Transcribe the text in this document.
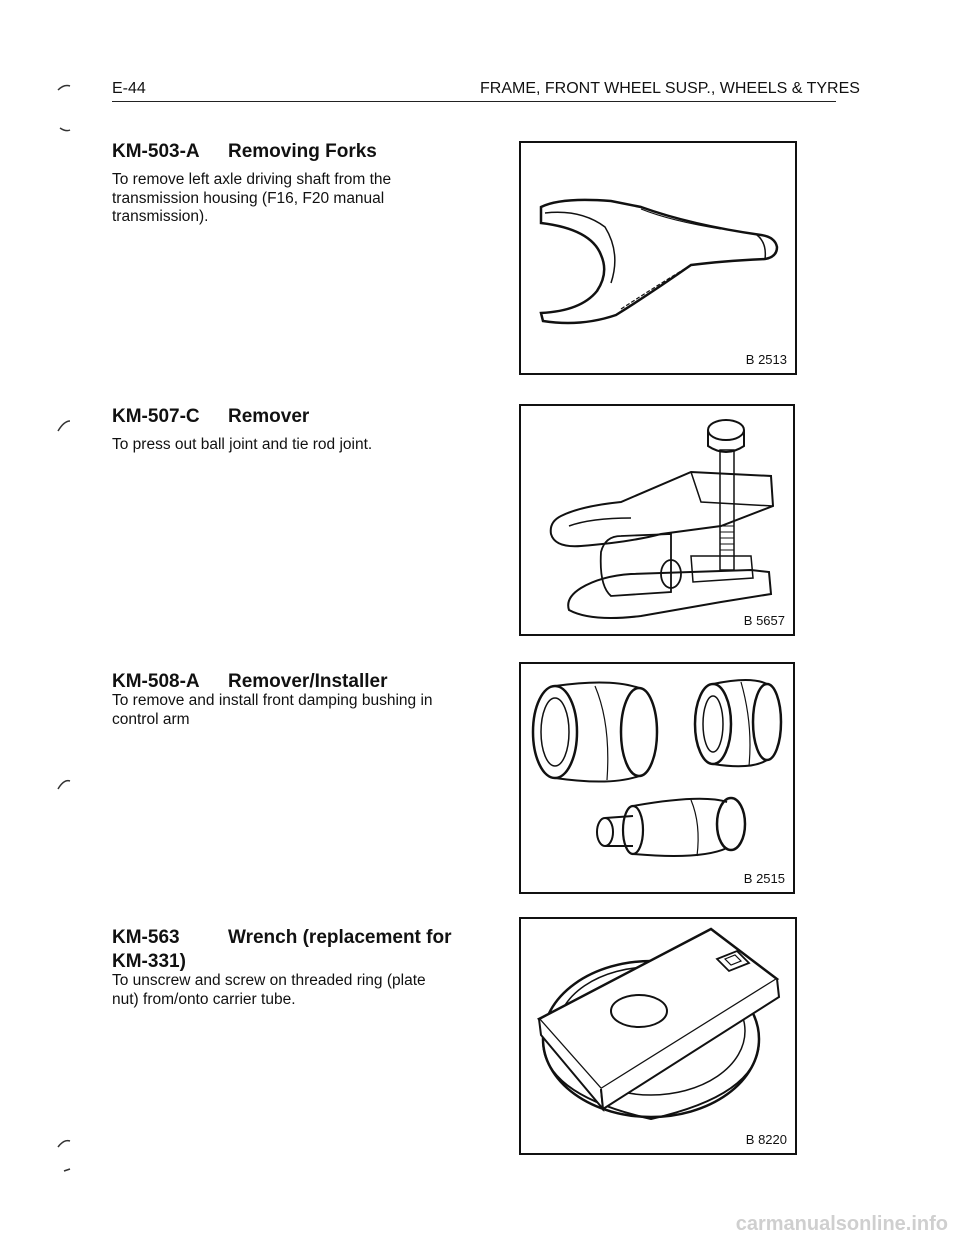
E-44	FRAME, FRONT WHEEL SUSP., WHEELS & TYRES
KM-503-A Removing Forks
To remove left axle driving shaft from the transmission housing (F16, F20 manual transmission).
B 2513
KM-507-C Remover
To press out ball joint and tie rod joint.
B 5657
KM-508-A Remover/Installer
To remove and install front damping bushing in control arm
B 2515
KM-563	Wrench (replacement for
KM-331)
To unscrew and screw on threaded ring (plate nut) from/onto carrier tube.
B 8220
carmanualsonline.info
